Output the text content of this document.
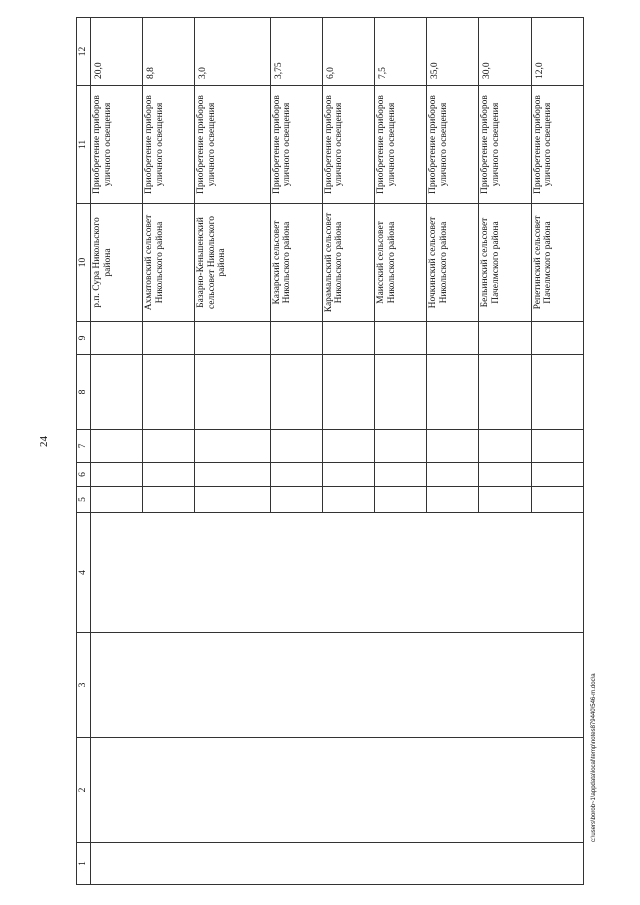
24
1	2	3	4	5	6	7	8	9	10	11	12
									р.п. Сура Никольского района	Приобретение приборов уличного освещения	20,0
									Ахматовский сельсовет Никольского района	Приобретение приборов уличного освещения	8,8
									Базарно-Кеньшенский сельсовет Никольского района	Приобретение приборов уличного освещения	3,0
									Казарский сельсовет Никольского района	Приобретение приборов уличного освещения	3,75
									Карамальский сельсовет Никольского района	Приобретение приборов уличного освещения	6,0
									Маисский сельсовет Никольского района	Приобретение приборов уличного освещения	7,5
									Ночкинский сельсовет Никольского района	Приобретение приборов уличного освещения	35,0
									Бельинский сельсовет Пачелмского района	Приобретение приборов уличного освещения	30,0
									Репетинский сельсовет Пачелмского района	Приобретение приборов уличного освещения	12,0
c:\users\borob~1\appdata\local\temp\notes879440\546-m.doc\a
